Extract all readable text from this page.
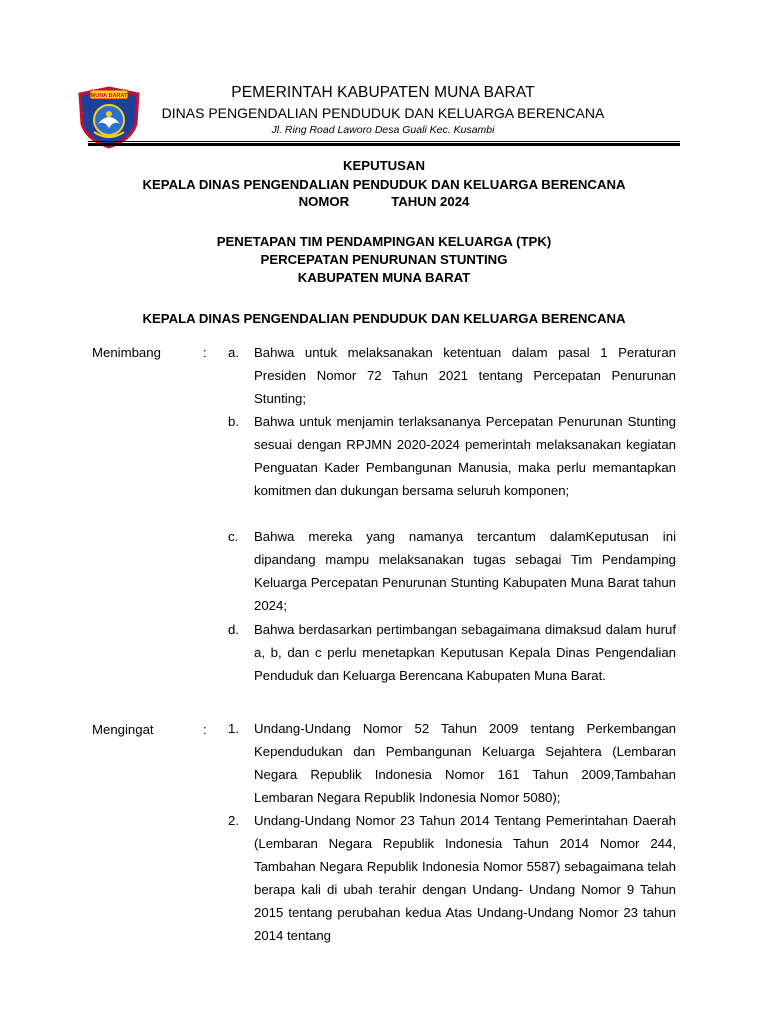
MUNA BARAT	PEMERINTAH KABUPATEN MUNA BARAT
DINAS PENGENDALIAN PENDUDUK DAN KELUARGA BERENCANA
Jl. Ring Road Laworo Desa Guali Kec. Kusambi
KEPUTUSAN
KEPALA DINAS PENGENDALIAN PENDUDUK DAN KELUARGA BERENCANA
NOMOR	TAHUN 2024
PENETAPAN TIM PENDAMPINGAN KELUARGA (TPK)
PERCEPATAN PENURUNAN STUNTING
KABUPATEN MUNA BARAT
KEPALA DINAS PENGENDALIAN PENDUDUK DAN KELUARGA BERENCANA
Menimbang	: a. Bahwa untuk melaksanakan ketentuan dalam pasal 1 Peraturan Presiden Nomor 72 Tahun 2021 tentang Percepatan Penurunan Stunting;
b. Bahwa untuk menjamin terlaksananya Percepatan Penurunan Stunting sesuai dengan RPJMN 2020-2024 pemerintah melaksanakan kegiatan Penguatan Kader Pembangunan Manusia, maka perlu memantapkan komitmen dan dukungan bersama seluruh komponen;
c. Bahwa mereka yang namanya tercantum dalamKeputusan ini dipandang mampu melaksanakan tugas sebagai Tim Pendamping Keluarga Percepatan Penurunan Stunting Kabupaten Muna Barat tahun 2024;
d. Bahwa berdasarkan pertimbangan sebagaimana dimaksud dalam huruf a, b, dan c perlu menetapkan Keputusan Kepala Dinas Pengendalian Penduduk dan Keluarga Berencana Kabupaten Muna Barat.
Mengingat	: 1. Undang-Undang Nomor 52 Tahun 2009 tentang Perkembangan Kependudukan dan Pembangunan Keluarga Sejahtera (Lembaran Negara Republik Indonesia Nomor 161 Tahun 2009,Tambahan Lembaran Negara Republik Indonesia Nomor 5080);
2. Undang-Undang Nomor 23 Tahun 2014 Tentang Pemerintahan Daerah (Lembaran Negara Republik Indonesia Tahun 2014 Nomor 244, Tambahan Negara Republik Indonesia Nomor 5587) sebagaimana telah berapa kali di ubah terahir dengan Undang- Undang Nomor 9 Tahun 2015 tentang perubahan kedua Atas Undang-Undang Nomor 23 tahun 2014 tentang
